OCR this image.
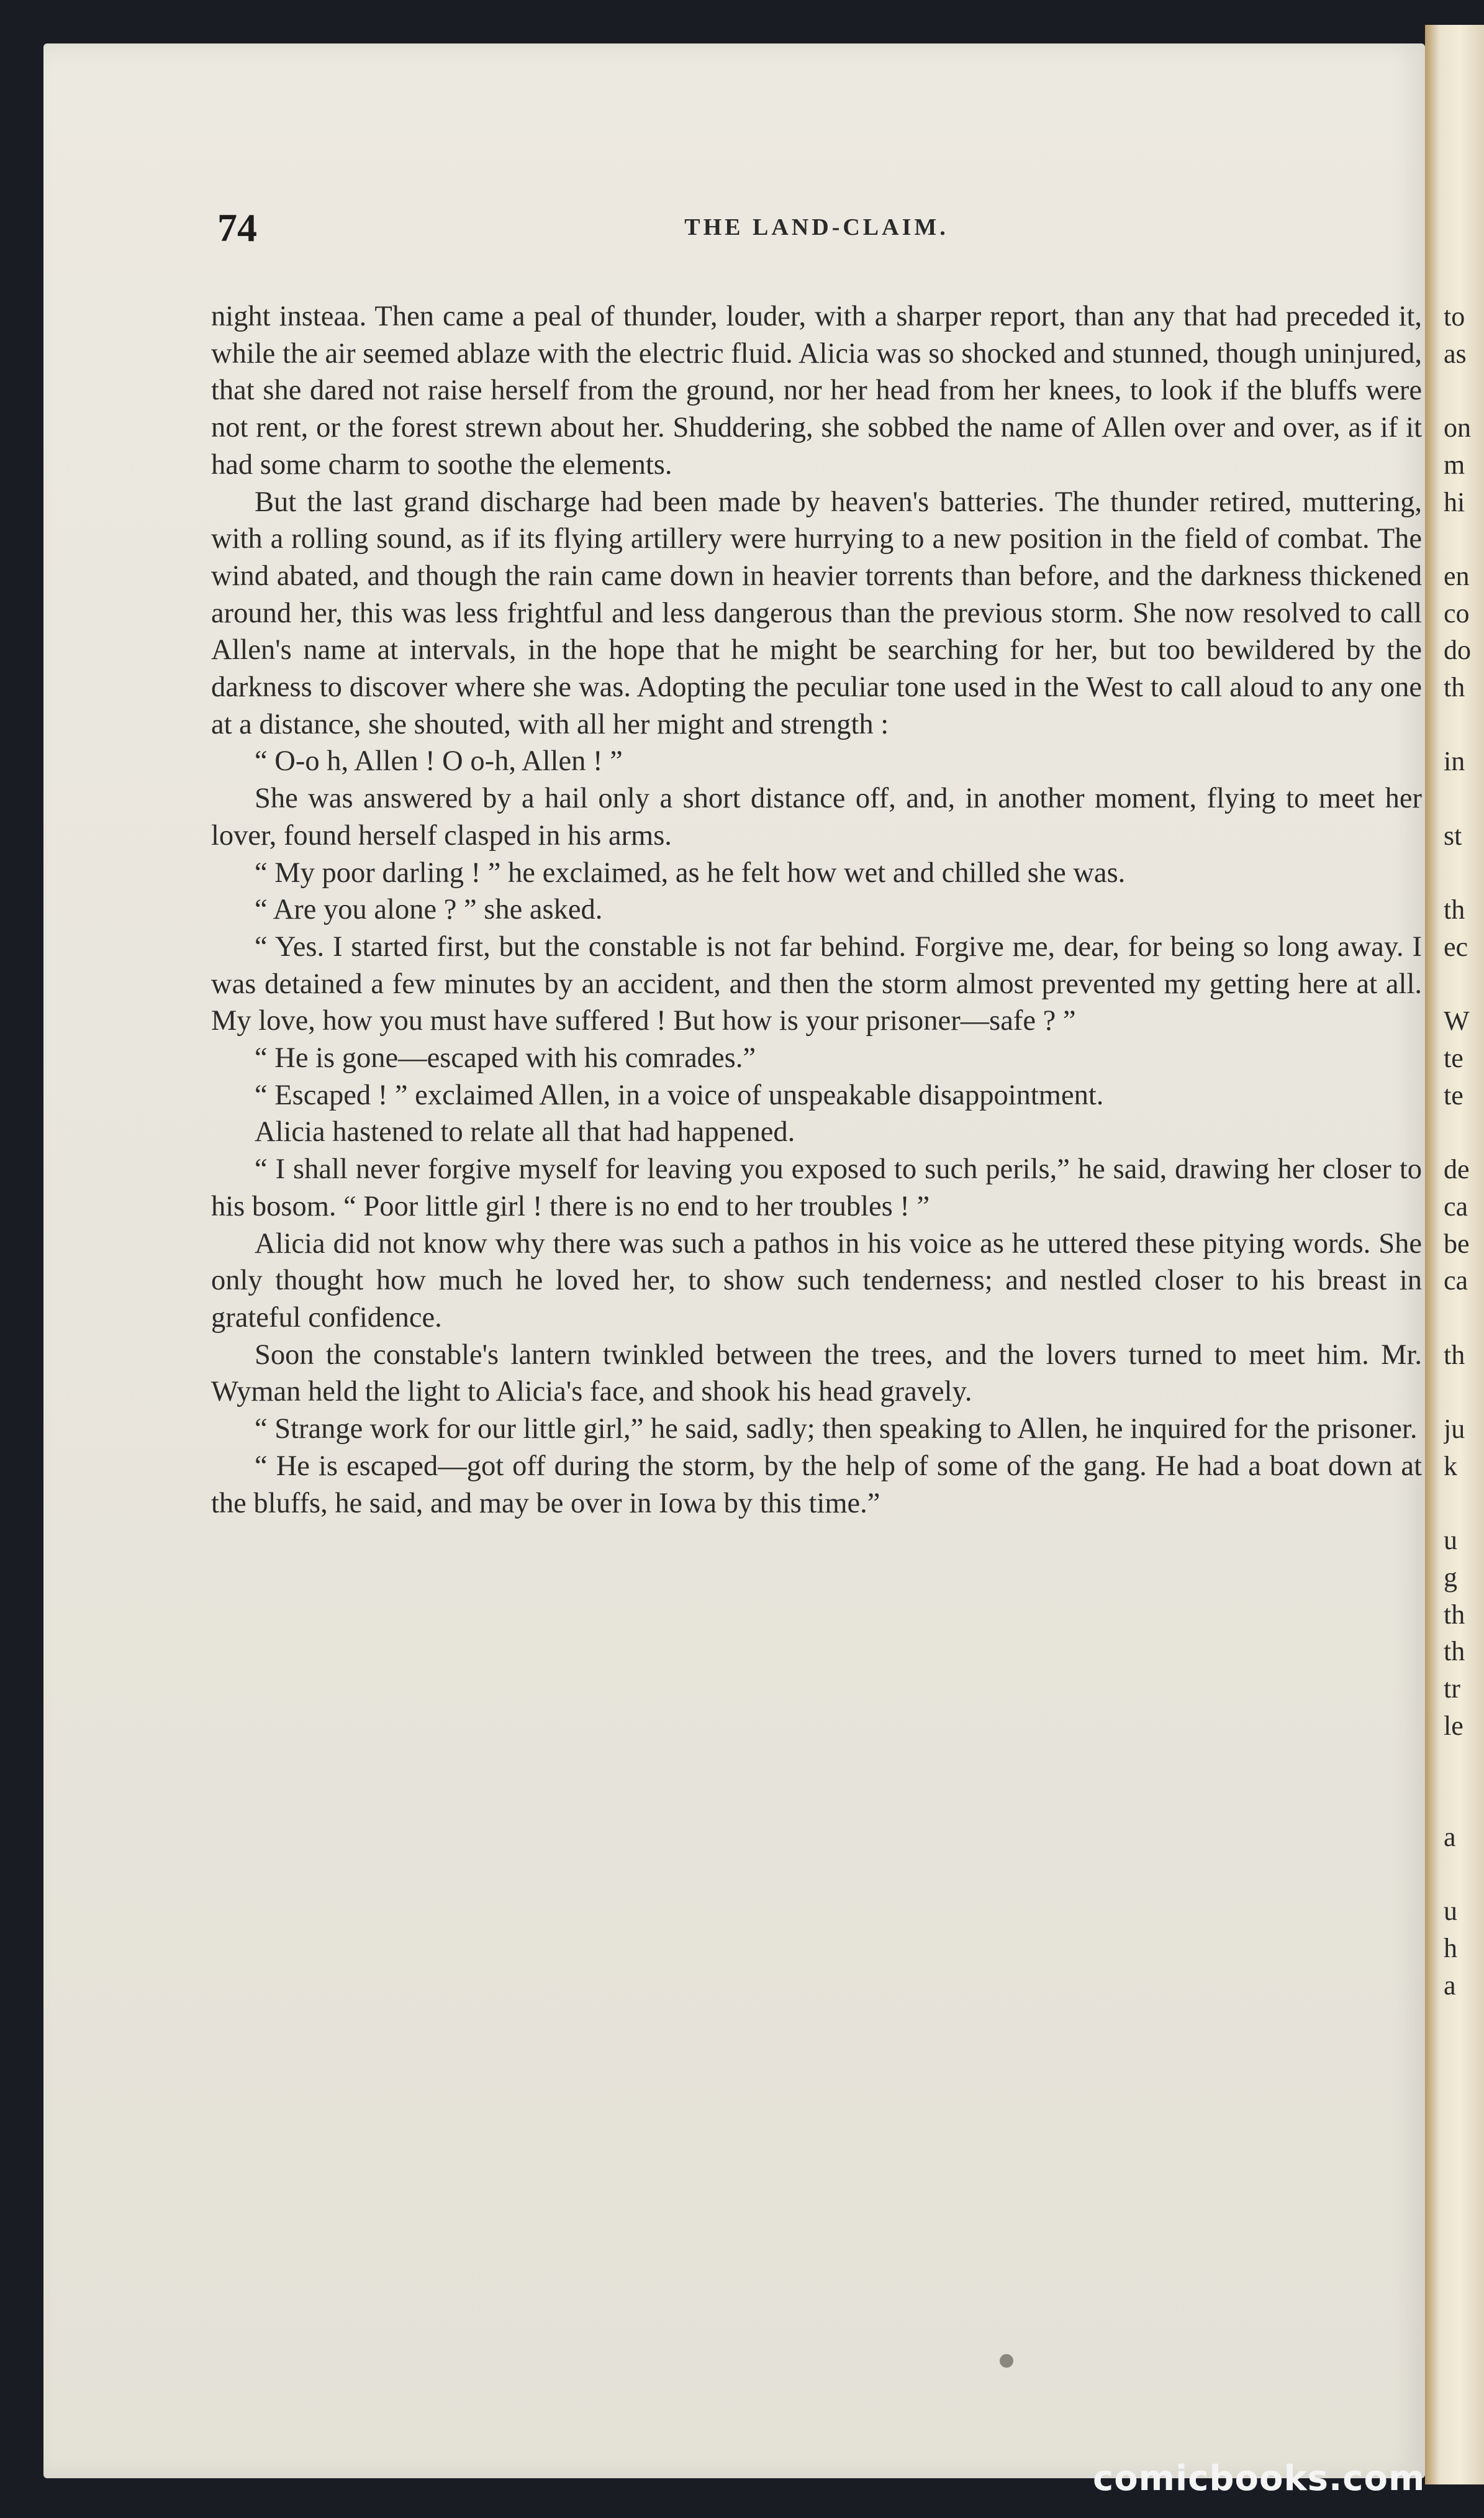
74	THE LAND-CLAIM.

night insteaa. Then came a peal of thunder, louder, with a sharper report, than any that had preceded it, while the air seemed ablaze with the electric fluid. Alicia was so shocked and stunned, though uninjured, that she dared not raise herself from the ground, nor her head from her knees, to look if the bluffs were not rent, or the forest strewn about her. Shuddering, she sobbed the name of Allen over and over, as if it had some charm to soothe the elements.

But the last grand discharge had been made by heaven's batteries. The thunder retired, muttering, with a rolling sound, as if its flying artillery were hurrying to a new position in the field of combat. The wind abated, and though the rain came down in heavier torrents than before, and the darkness thickened around her, this was less frightful and less dangerous than the previous storm. She now resolved to call Allen's name at intervals, in the hope that he might be searching for her, but too bewildered by the darkness to discover where she was. Adopting the peculiar tone used in the West to call aloud to any one at a distance, she shouted, with all her might and strength :

“ O-o h, Allen ! O o-h, Allen ! ”

She was answered by a hail only a short distance off, and, in another moment, flying to meet her lover, found herself clasped in his arms.

“ My poor darling ! ” he exclaimed, as he felt how wet and chilled she was.

“ Are you alone ? ” she asked.

“ Yes. I started first, but the constable is not far behind. Forgive me, dear, for being so long away. I was detained a few minutes by an accident, and then the storm almost prevented my getting here at all. My love, how you must have suffered ! But how is your prisoner—safe ? ”

“ He is gone—escaped with his comrades.”

“ Escaped ! ” exclaimed Allen, in a voice of unspeakable disappointment.

Alicia hastened to relate all that had happened.

“ I shall never forgive myself for leaving you exposed to such perils,” he said, drawing her closer to his bosom. “ Poor little girl ! there is no end to her troubles ! ”

Alicia did not know why there was such a pathos in his voice as he uttered these pitying words. She only thought how much he loved her, to show such tenderness; and nestled closer to his breast in grateful confidence.

Soon the constable's lantern twinkled between the trees, and the lovers turned to meet him. Mr. Wyman held the light to Alicia's face, and shook his head gravely.

“ Strange work for our little girl,” he said, sadly; then speaking to Allen, he inquired for the prisoner.

“ He is escaped—got off during the storm, by the help of some of the gang. He had a boat down at the bluffs, he said, and may be over in Iowa by this time.”

to
as

on
m
hi

en
co
do
th

in

st

th
ec

W
te
te

de
ca
be
ca

th

ju
k

u
g
th
th
tr
le

a

u
h
a
comicbooks.com
